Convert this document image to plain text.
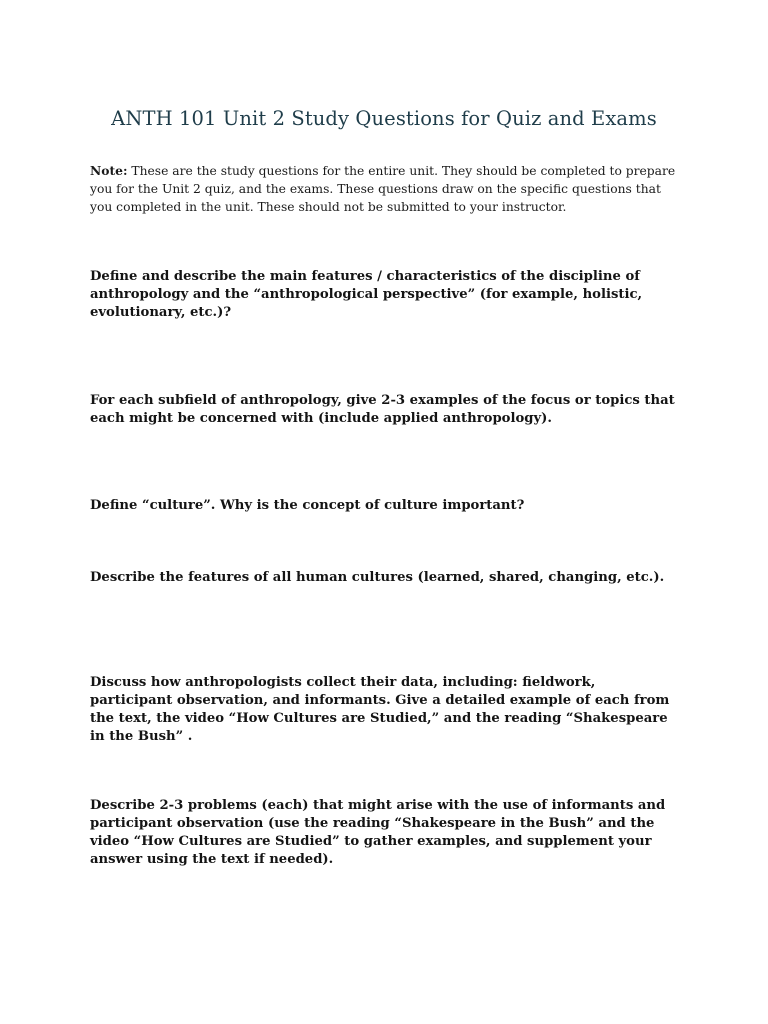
ANTH 101 Unit 2 Study Questions for Quiz and Exams
Note: These are the study questions for the entire unit. They should be completed to prepare you for the Unit 2 quiz, and the exams. These questions draw on the specific questions that you completed in the unit. These should not be submitted to your instructor.
Define and describe the main features / characteristics of the discipline of anthropology and the “anthropological perspective” (for example, holistic, evolutionary, etc.)?
For each subfield of anthropology, give 2-3 examples of the focus or topics that each might be concerned with (include applied anthropology).
Define “culture”. Why is the concept of culture important?
Describe the features of all human cultures (learned, shared, changing, etc.).
Discuss how anthropologists collect their data, including: fieldwork, participant observation, and informants. Give a detailed example of each from the text, the video “How Cultures are Studied,” and the reading “Shakespeare in the Bush” .
Describe 2-3 problems (each) that might arise with the use of informants and participant observation (use the reading “Shakespeare in the Bush” and the video “How Cultures are Studied” to gather examples, and supplement your answer using the text if needed).
